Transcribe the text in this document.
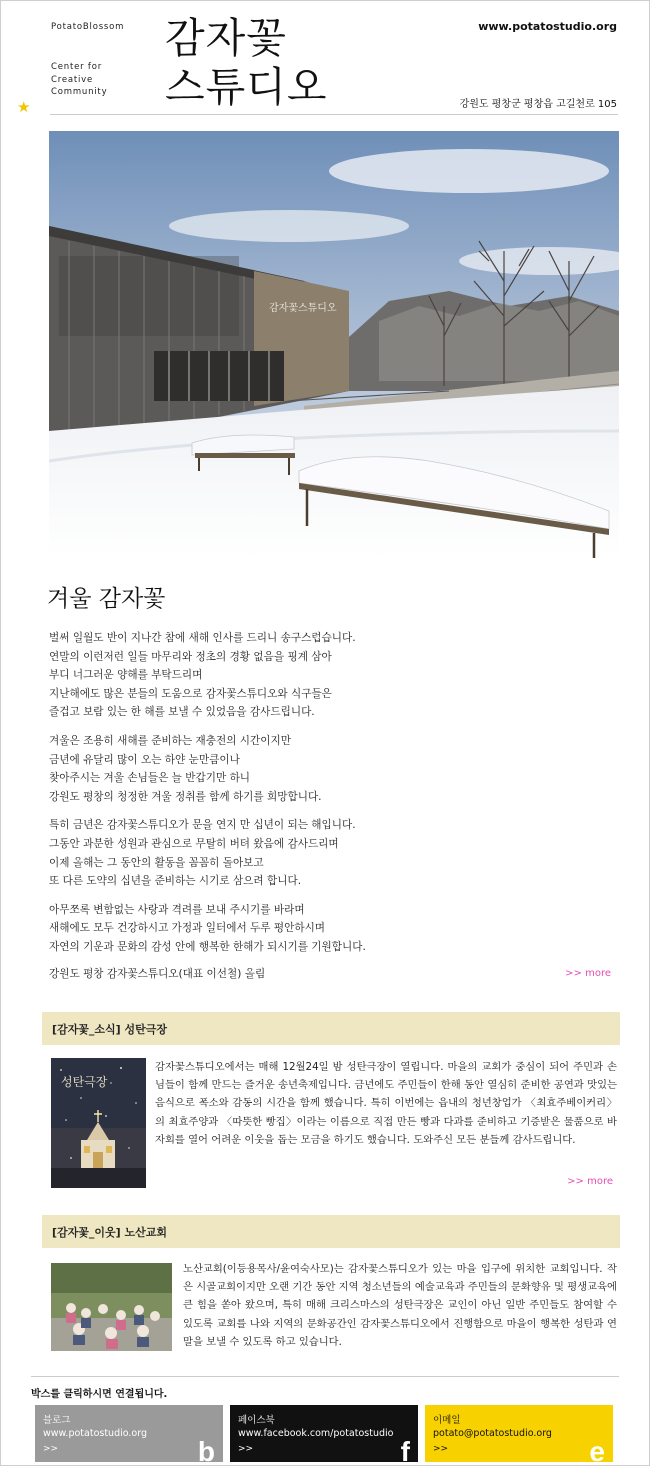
PotatoBlossom
Center for
Creative
Community
★
감자꽃
스튜디오
www.potatostudio.org
강원도 평창군 평창읍 고길천로 105
감자꽃스튜디오
겨울 감자꽃

벌써 일월도 반이 지나간 참에 새해 인사를 드리니 송구스럽습니다.
연말의 이런저런 일들 마무리와 정초의 경황 없음을 핑계 삼아
부디 너그러운 양해를 부탁드리며
지난해에도 많은 분들의 도움으로 감자꽃스튜디오와 식구들은
즐겁고 보람 있는 한 해를 보낼 수 있었음을 감사드립니다.

겨울은 조용히 새해를 준비하는 재충전의 시간이지만
금년에 유달리 많이 오는 하얀 눈만큼이나
찾아주시는 겨울 손님들은 늘 반갑기만 하니
강원도 평창의 청정한 겨울 정취를 함께 하기를 희망합니다.

특히 금년은 감자꽃스튜디오가 문을 연지 만 십년이 되는 해입니다.
그동안 과분한 성원과 관심으로 무탈히 버텨 왔음에 감사드리며
이제 올해는 그 동안의 활동을 꼼꼼히 돌아보고
또 다른 도약의 십년을 준비하는 시기로 삼으려 합니다.

아무쪼록 변함없는 사랑과 격려를 보내 주시기를 바라며
새해에도 모두 건강하시고 가정과 일터에서 두루 평안하시며
자연의 기운과 문화의 감성 안에 행복한 한해가 되시기를 기원합니다.

강원도 평창 감자꽃스튜디오(대표 이선철) 올림	>> more
[감자꽃_소식] 성탄극장
성탄극장
감자꽃스튜디오에서는 매해 12월24일 밤 성탄극장이 열립니다. 마을의 교회가 중심이 되어 주민과 손님들이 함께 만드는 즐거운 송년축제입니다. 금년에도 주민들이 한해 동안 열심히 준비한 공연과 맛있는 음식으로 폭소와 감동의 시간을 함께 했습니다. 특히 이번에는 읍내의 청년창업가 〈최효주베이커리〉의 최효주양과 〈따뜻한 빵집〉이라는 이름으로 직접 만든 빵과 다과를 준비하고 기증받은 물품으로 바자회를 열어 어려운 이웃을 돕는 모금을 하기도 했습니다. 도와주신 모든 분들께 감사드립니다.
>> more
[감자꽃_이웃] 노산교회
노산교회(이등용목사/윤여숙사모)는 감자꽃스튜디오가 있는 마을 입구에 위치한 교회입니다. 작은 시골교회이지만 오랜 기간 동안 지역 청소년들의 예술교육과 주민들의 문화향유 및 평생교육에 큰 힘을 쏟아 왔으며, 특히 매해 크리스마스의 성탄극장은 교인이 아닌 일반 주민들도 참여할 수 있도록 교회를 나와 지역의 문화공간인 감자꽃스튜디오에서 진행함으로 마을이 행복한 성탄과 연말을 보낼 수 있도록 하고 있습니다.
박스를 클릭하시면 연결됩니다.
블로그
www.potatostudio.org
>>	b
페이스북
www.facebook.com/potatostudio
>>	f
이메일
potato@potatostudio.org
>>	e
